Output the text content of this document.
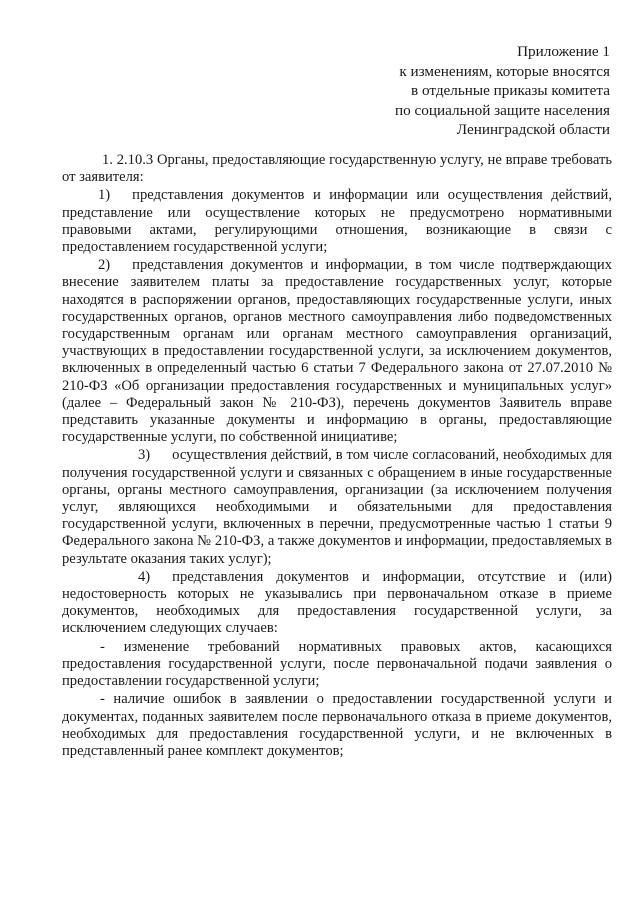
Приложение 1
к изменениям, которые вносятся
в отдельные приказы комитета
по социальной защите населения
Ленинградской области

1. 2.10.3 Органы, предоставляющие государственную услугу, не вправе требовать от заявителя:

1) представления документов и информации или осуществления действий, представление или осуществление которых не предусмотрено нормативными правовыми актами, регулирующими отношения, возникающие в связи с предоставлением государственной услуги;

2) представления документов и информации, в том числе подтверждающих внесение заявителем платы за предоставление государственных услуг, которые находятся в распоряжении органов, предоставляющих государственные услуги, иных государственных органов, органов местного самоуправления либо подведомственных государственным органам или органам местного самоуправления организаций, участвующих в предоставлении государственной услуги, за исключением документов, включенных в определенный частью 6 статьи 7 Федерального закона от 27.07.2010 № 210-ФЗ «Об организации предоставления государственных и муниципальных услуг» (далее – Федеральный закон № 210-ФЗ), перечень документов Заявитель вправе представить указанные документы и информацию в органы, предоставляющие государственные услуги, по собственной инициативе;

3) осуществления действий, в том числе согласований, необходимых для получения государственной услуги и связанных с обращением в иные государственные органы, органы местного самоуправления, организации (за исключением получения услуг, являющихся необходимыми и обязательными для предоставления государственной услуги, включенных в перечни, предусмотренные частью 1 статьи 9 Федерального закона № 210-ФЗ, а также документов и информации, предоставляемых в результате оказания таких услуг);

4) представления документов и информации, отсутствие и (или) недостоверность которых не указывались при первоначальном отказе в приеме документов, необходимых для предоставления государственной услуги, за исключением следующих случаев:

- изменение требований нормативных правовых актов, касающихся предоставления государственной услуги, после первоначальной подачи заявления о предоставлении государственной услуги;

- наличие ошибок в заявлении о предоставлении государственной услуги и документах, поданных заявителем после первоначального отказа в приеме документов, необходимых для предоставления государственной услуги, и не включенных в представленный ранее комплект документов;
